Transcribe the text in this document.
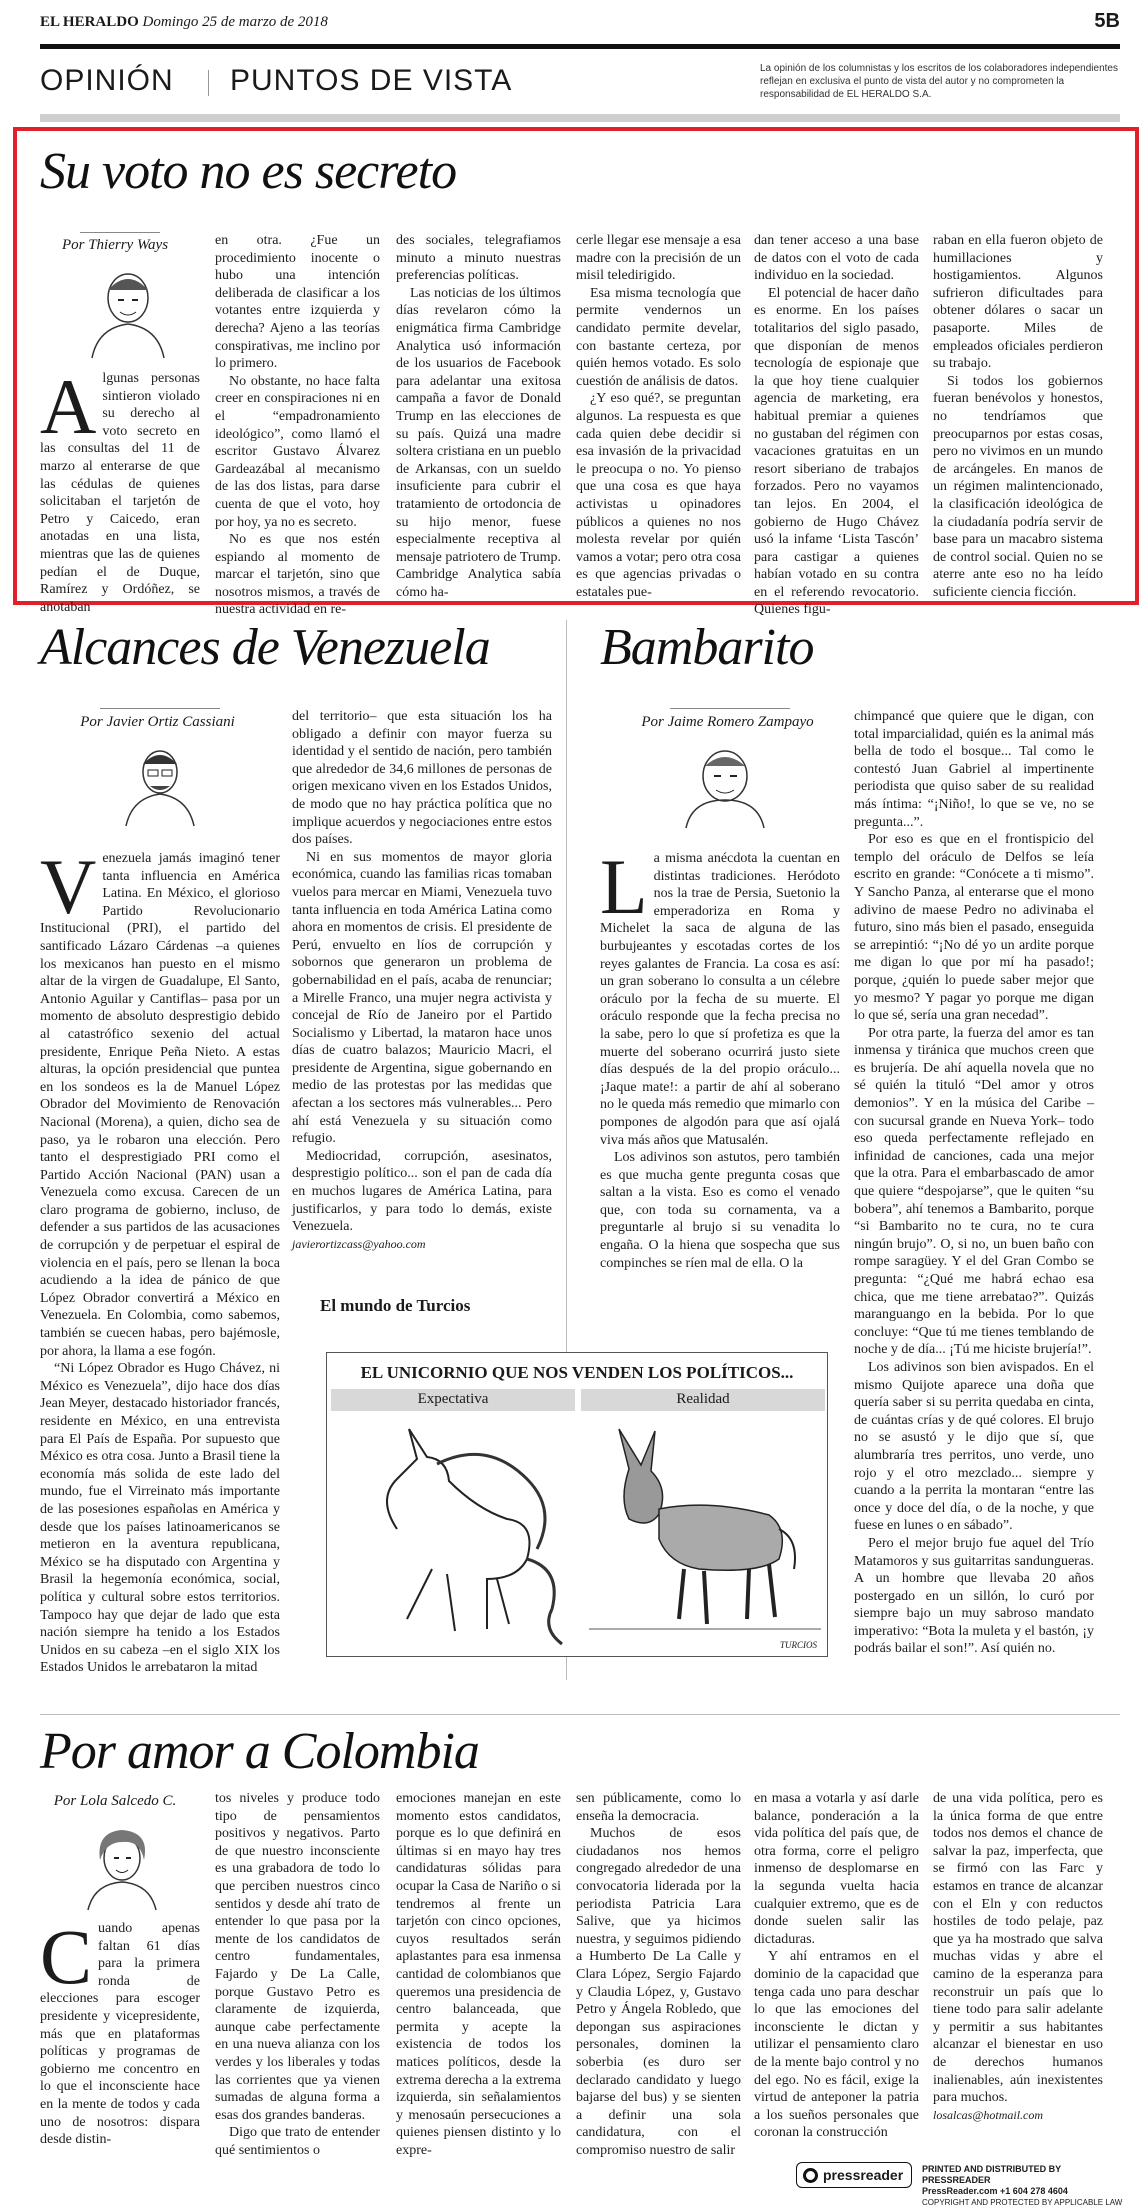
EL HERALDO Domingo 25 de marzo de 2018	5B
OPINIÓN PUNTOS DE VISTA	La opinión de los columnistas y los escritos de los colaboradores independientes reflejan en exclusiva el punto de vista del autor y no comprometen la responsabilidad de EL HERALDO S.A.
Su voto no es secreto
Por Thierry Ways

Algunas personas sintieron violado su derecho al voto secreto en las consultas del 11 de marzo al enterarse de que las cédulas de quienes solicitaban el tarjetón de Petro y Caicedo, eran anotadas en una lista, mientras que las de quienes pedían el de Duque, Ramírez y Ordóñez, se anotaban

en otra. ¿Fue un procedimiento inocente o hubo una intención deliberada de clasificar a los votantes entre izquierda y derecha? Ajeno a las teorías conspirativas, me inclino por lo primero.

No obstante, no hace falta creer en conspiraciones ni en el “empadronamiento ideológico”, como llamó el escritor Gustavo Álvarez Gardeazábal al mecanismo de las dos listas, para darse cuenta de que el voto, hoy por hoy, ya no es secreto.

No es que nos estén espiando al momento de marcar el tarjetón, sino que nosotros mismos, a través de nuestra actividad en re-

des sociales, telegrafiamos minuto a minuto nuestras preferencias políticas.

Las noticias de los últimos días revelaron cómo la enigmática firma Cambridge Analytica usó información de los usuarios de Facebook para adelantar una exitosa campaña a favor de Donald Trump en las elecciones de su país. Quizá una madre soltera cristiana en un pueblo de Arkansas, con un sueldo insuficiente para cubrir el tratamiento de ortodoncia de su hijo menor, fuese especialmente receptiva al mensaje patriotero de Trump. Cambridge Analytica sabía cómo ha-

cerle llegar ese mensaje a esa madre con la precisión de un misil teledirigido.

Esa misma tecnología que permite vendernos un candidato permite develar, con bastante certeza, por quién hemos votado. Es solo cuestión de análisis de datos.

¿Y eso qué?, se preguntan algunos. La respuesta es que cada quien debe decidir si esa invasión de la privacidad le preocupa o no. Yo pienso que una cosa es que haya activistas u opinadores públicos a quienes no nos molesta revelar por quién vamos a votar; pero otra cosa es que agencias privadas o estatales pue-

dan tener acceso a una base de datos con el voto de cada individuo en la sociedad.

El potencial de hacer daño es enorme. En los países totalitarios del siglo pasado, que disponían de menos tecnología de espionaje que la que hoy tiene cualquier agencia de marketing, era habitual premiar a quienes no gustaban del régimen con vacaciones gratuitas en un resort siberiano de trabajos forzados. Pero no vayamos tan lejos. En 2004, el gobierno de Hugo Chávez usó la infame ‘Lista Tascón’ para castigar a quienes habían votado en su contra en el referendo revocatorio. Quienes figu-

raban en ella fueron objeto de humillaciones y hostigamientos. Algunos sufrieron dificultades para obtener dólares o sacar un pasaporte. Miles de empleados oficiales perdieron su trabajo.

Si todos los gobiernos fueran benévolos y honestos, no tendríamos que preocuparnos por estas cosas, pero no vivimos en un mundo de arcángeles. En manos de un régimen malintencionado, la clasificación ideológica de la ciudadanía podría servir de base para un macabro sistema de control social. Quien no se aterre ante eso no ha leído suficiente ciencia ficción.

Alcances de Venezuela
Por Javier Ortiz Cassiani

Venezuela jamás imaginó tener tanta influencia en América Latina. En México, el glorioso Partido Revolucionario Institucional (PRI), el partido del santificado Lázaro Cárdenas –a quienes los mexicanos han puesto en el mismo altar de la virgen de Guadalupe, El Santo, Antonio Aguilar y Cantiflas– pasa por un momento de absoluto desprestigio debido al catastrófico sexenio del actual presidente, Enrique Peña Nieto. A estas alturas, la opción presidencial que puntea en los sondeos es la de Manuel López Obrador del Movimiento de Renovación Nacional (Morena), a quien, dicho sea de paso, ya le robaron una elección. Pero tanto el desprestigiado PRI como el Partido Acción Nacional (PAN) usan a Venezuela como excusa. Carecen de un claro programa de gobierno, incluso, de defender a sus partidos de las acusaciones de corrupción y de perpetuar el espiral de violencia en el país, pero se llenan la boca acudiendo a la idea de pánico de que López Obrador convertirá a México en Venezuela. En Colombia, como sabemos, también se cuecen habas, pero bajémosle, por ahora, la llama a ese fogón.

“Ni López Obrador es Hugo Chávez, ni México es Venezuela”, dijo hace dos días Jean Meyer, destacado historiador francés, residente en México, en una entrevista para El País de España. Por supuesto que México es otra cosa. Junto a Brasil tiene la economía más solida de este lado del mundo, fue el Virreinato más importante de las posesiones españolas en América y desde que los países latinoamericanos se metieron en la aventura republicana, México se ha disputado con Argentina y Brasil la hegemonía económica, social, política y cultural sobre estos territorios. Tampoco hay que dejar de lado que esta nación siempre ha tenido a los Estados Unidos en su cabeza –en el siglo XIX los Estados Unidos le arrebataron la mitad

del territorio– que esta situación los ha obligado a definir con mayor fuerza su identidad y el sentido de nación, pero también que alrededor de 34,6 millones de personas de origen mexicano viven en los Estados Unidos, de modo que no hay práctica política que no implique acuerdos y negociaciones entre estos dos países.

Ni en sus momentos de mayor gloria económica, cuando las familias ricas tomaban vuelos para mercar en Miami, Venezuela tuvo tanta influencia en toda América Latina como ahora en momentos de crisis. El presidente de Perú, envuelto en líos de corrupción y sobornos que generaron un problema de gobernabilidad en el país, acaba de renunciar; a Mirelle Franco, una mujer negra activista y concejal de Río de Janeiro por el Partido Socialismo y Libertad, la mataron hace unos días de cuatro balazos; Mauricio Macri, el presidente de Argentina, sigue gobernando en medio de las protestas por las medidas que afectan a los sectores más vulnerables... Pero ahí está Venezuela y su situación como refugio.

Mediocridad, corrupción, asesinatos, desprestigio político... son el pan de cada día en muchos lugares de América Latina, para justificarlos, y para todo lo demás, existe Venezuela.

javierortizcass@yahoo.com

El mundo de Turcios
EL UNICORNIO QUE NOS VENDEN LOS POLÍTICOS...
Expectativa	Realidad
TURCIOS
Bambarito
Por Jaime Romero Zampayo

La misma anécdota la cuentan en distintas tradiciones. Heródoto nos la trae de Persia, Suetonio la emperadoriza en Roma y Michelet la saca de alguna de las burbujeantes y escotadas cortes de los reyes galantes de Francia. La cosa es así: un gran soberano lo consulta a un célebre oráculo por la fecha de su muerte. El oráculo responde que la fecha precisa no la sabe, pero lo que sí profetiza es que la muerte del soberano ocurrirá justo siete días después de la del propio oráculo... ¡Jaque mate!: a partir de ahí al soberano no le queda más remedio que mimarlo con pompones de algodón para que así ojalá viva más años que Matusalén.

Los adivinos son astutos, pero también es que mucha gente pregunta cosas que saltan a la vista. Eso es como el venado que, con toda su cornamenta, va a preguntarle al brujo si su venadita lo engaña. O la hiena que sospecha que sus compinches se ríen mal de ella. O la

chimpancé que quiere que le digan, con total imparcialidad, quién es la animal más bella de todo el bosque... Tal como le contestó Juan Gabriel al impertinente periodista que quiso saber de su realidad más íntima: “¡Niño!, lo que se ve, no se pregunta...”.

Por eso es que en el frontispicio del templo del oráculo de Delfos se leía escrito en grande: “Conócete a ti mismo”. Y Sancho Panza, al enterarse que el mono adivino de maese Pedro no adivinaba el futuro, sino más bien el pasado, enseguida se arrepintió: “¡No dé yo un ardite porque me digan lo que por mí ha pasado!; porque, ¿quién lo puede saber mejor que yo mesmo? Y pagar yo porque me digan lo que sé, sería una gran necedad”.

Por otra parte, la fuerza del amor es tan inmensa y tiránica que muchos creen que es brujería. De ahí aquella novela que no sé quién la tituló “Del amor y otros demonios”. Y en la música del Caribe –con sucursal grande en Nueva York– todo eso queda perfectamente reflejado en infinidad de canciones, cada una mejor que la otra. Para el embarbascado de amor que quiere “despojarse”, que le quiten “su boberа”, ahí tenemos a Bambarito, porque “si Bambarito no te cura, no te cura ningún brujo”. O, si no, un buen baño con rompe saragüey. Y el del Gran Combo se pregunta: “¿Qué me habrá echao esa chica, que me tiene arrebatao?”. Quizás maranguango en la bebida. Por lo que concluye: “Que tú me tienes temblando de noche y de día... ¡Tú me hiciste brujería!”.

Los adivinos son bien avispados. En el mismo Quijote aparece una doña que quería saber si su perrita quedaba en cinta, de cuántas crías y de qué colores. El brujo no se asustó y le dijo que sí, que alumbraría tres perritos, uno verde, uno rojo y el otro mezclado... siempre y cuando a la perrita la montaran “entre las once y doce del día, o de la noche, y que fuese en lunes o en sábado”.

Pero el mejor brujo fue aquel del Trío Matamoros y sus guitarritas sandungueras. A un hombre que llevaba 20 años postergado en un sillón, lo curó por siempre bajo un muy sabroso mandato imperativo: “Bota la muleta y el bastón, ¡y podrás bailar el son!”. Así quién no.

Por amor a Colombia
Por Lola Salcedo C.

Cuando apenas faltan 61 días para la primera ronda de elecciones para escoger presidente y vicepresidente, más que en plataformas políticas y programas de gobierno me concentro en lo que el inconsciente hace en la mente de todos y cada uno de nosotros: dispara desde distin-

tos niveles y produce todo tipo de pensamientos positivos y negativos. Parto de que nuestro inconsciente es una grabadora de todo lo que perciben nuestros cinco sentidos y desde ahí trato de entender lo que pasa por la mente de los candidatos de centro fundamentales, Fajardo y De La Calle, porque Gustavo Petro es claramente de izquierda, aunque cabe perfectamente en una nueva alianza con los verdes y los liberales y todas las corrientes que ya vienen sumadas de alguna forma a esas dos grandes banderas.

Digo que trato de entender qué sentimientos o

emociones manejan en este momento estos candidatos, porque es lo que definirá en últimas si en mayo hay tres candidaturas sólidas para ocupar la Casa de Nariño o si tendremos al frente un tarjetón con cinco opciones, cuyos resultados serán aplastantes para esa inmensa cantidad de colombianos que queremos una presidencia de centro balanceada, que permita y acepte la existencia de todos los matices políticos, desde la extrema derecha a la extrema izquierda, sin señalamientos y menosaún persecuciones a quienes piensen distinto y lo expre-

sen públicamente, como lo enseña la democracia.

Muchos de esos ciudadanos nos hemos congregado alrededor de una convocatoria liderada por la periodista Patricia Lara Salive, que ya hicimos nuestra, y seguimos pidiendo a Humberto De La Calle y Clara López, Sergio Fajardo y Claudia López, y, Gustavo Petro y Ángela Robledo, que depongan sus aspiraciones personales, dominen la soberbia (es duro ser declarado candidato y luego bajarse del bus) y se sienten a definir una sola candidatura, con el compromiso nuestro de salir

en masa a votarla y así darle balance, ponderación a la vida política del país que, de otra forma, corre el peligro inmenso de desplomarse en la segunda vuelta hacia cualquier extremo, que es de donde suelen salir las dictaduras.

Y ahí entramos en el dominio de la capacidad que tenga cada uno para deschar lo que las emociones del inconsciente le dictan y utilizar el pensamiento claro de la mente bajo control y no del ego. No es fácil, exige la virtud de anteponer la patria a los sueños personales que coronan la construcción

de una vida política, pero es la única forma de que entre todos nos demos el chance de salvar la paz, imperfecta, que se firmó con las Farc y estamos en trance de alcanzar con el Eln y con reductos hostiles de todo pelaje, paz que ya ha mostrado que salva muchas vidas y abre el camino de la esperanza para reconstruir un país que lo tiene todo para salir adelante y permitir a sus habitantes alcanzar el bienestar en uso de derechos humanos inalienables, aún inexistentes para muchos.

losalcas@hotmail.com

pressreader	PRINTED AND DISTRIBUTED BY PRESSREADER
PressReader.com +1 604 278 4604
COPYRIGHT AND PROTECTED BY APPLICABLE LAW
